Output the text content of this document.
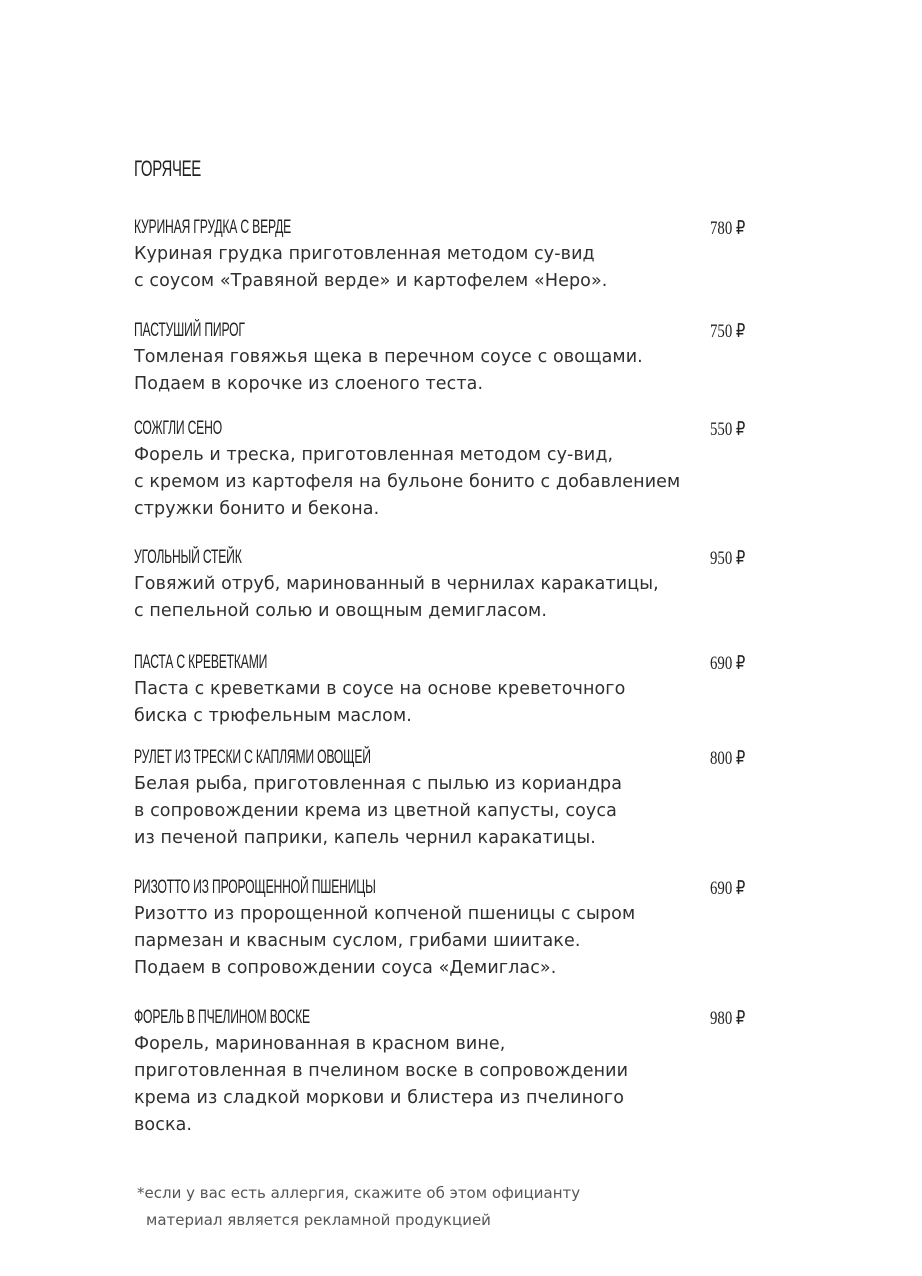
ГОРЯЧЕЕ
КУРИНАЯ ГРУДКА С ВЕРДЕ	780 ₽
Куриная грудка приготовленная методом су-вид
с соусом «Травяной верде» и картофелем «Неро».
ПАСТУШИЙ ПИРОГ	750 ₽
Томленая говяжья щека в перечном соусе с овощами.
Подаем в корочке из слоеного теста.
СОЖГЛИ СЕНО	550 ₽
Форель и треска, приготовленная методом су-вид,
с кремом из картофеля на бульоне бонито с добавлением
стружки бонито и бекона.
УГОЛЬНЫЙ СТЕЙК	950 ₽
Говяжий отруб, маринованный в чернилах каракатицы,
с пепельной солью и овощным демигласом.
ПАСТА С КРЕВЕТКАМИ	690 ₽
Паста с креветками в соусе на основе креветочного
биска с трюфельным маслом.
РУЛЕТ ИЗ ТРЕСКИ С КАПЛЯМИ ОВОЩЕЙ	800 ₽
Белая рыба, приготовленная с пылью из кориандра
в сопровождении крема из цветной капусты, соуса
из печеной паприки, капель чернил каракатицы.
РИЗОТТО ИЗ ПРОРОЩЕННОЙ ПШЕНИЦЫ	690 ₽
Ризотто из пророщенной копченой пшеницы с сыром
пармезан и квасным суслом, грибами шиитаке.
Подаем в сопровождении соуса «Демиглас».
ФОРЕЛЬ В ПЧЕЛИНОМ ВОСКЕ	980 ₽
Форель, маринованная в красном вине,
приготовленная в пчелином воске в сопровождении
крема из сладкой моркови и блистера из пчелиного
воска.
*если у вас есть аллергия, скажите об этом официанту
материал является рекламной продукцией
